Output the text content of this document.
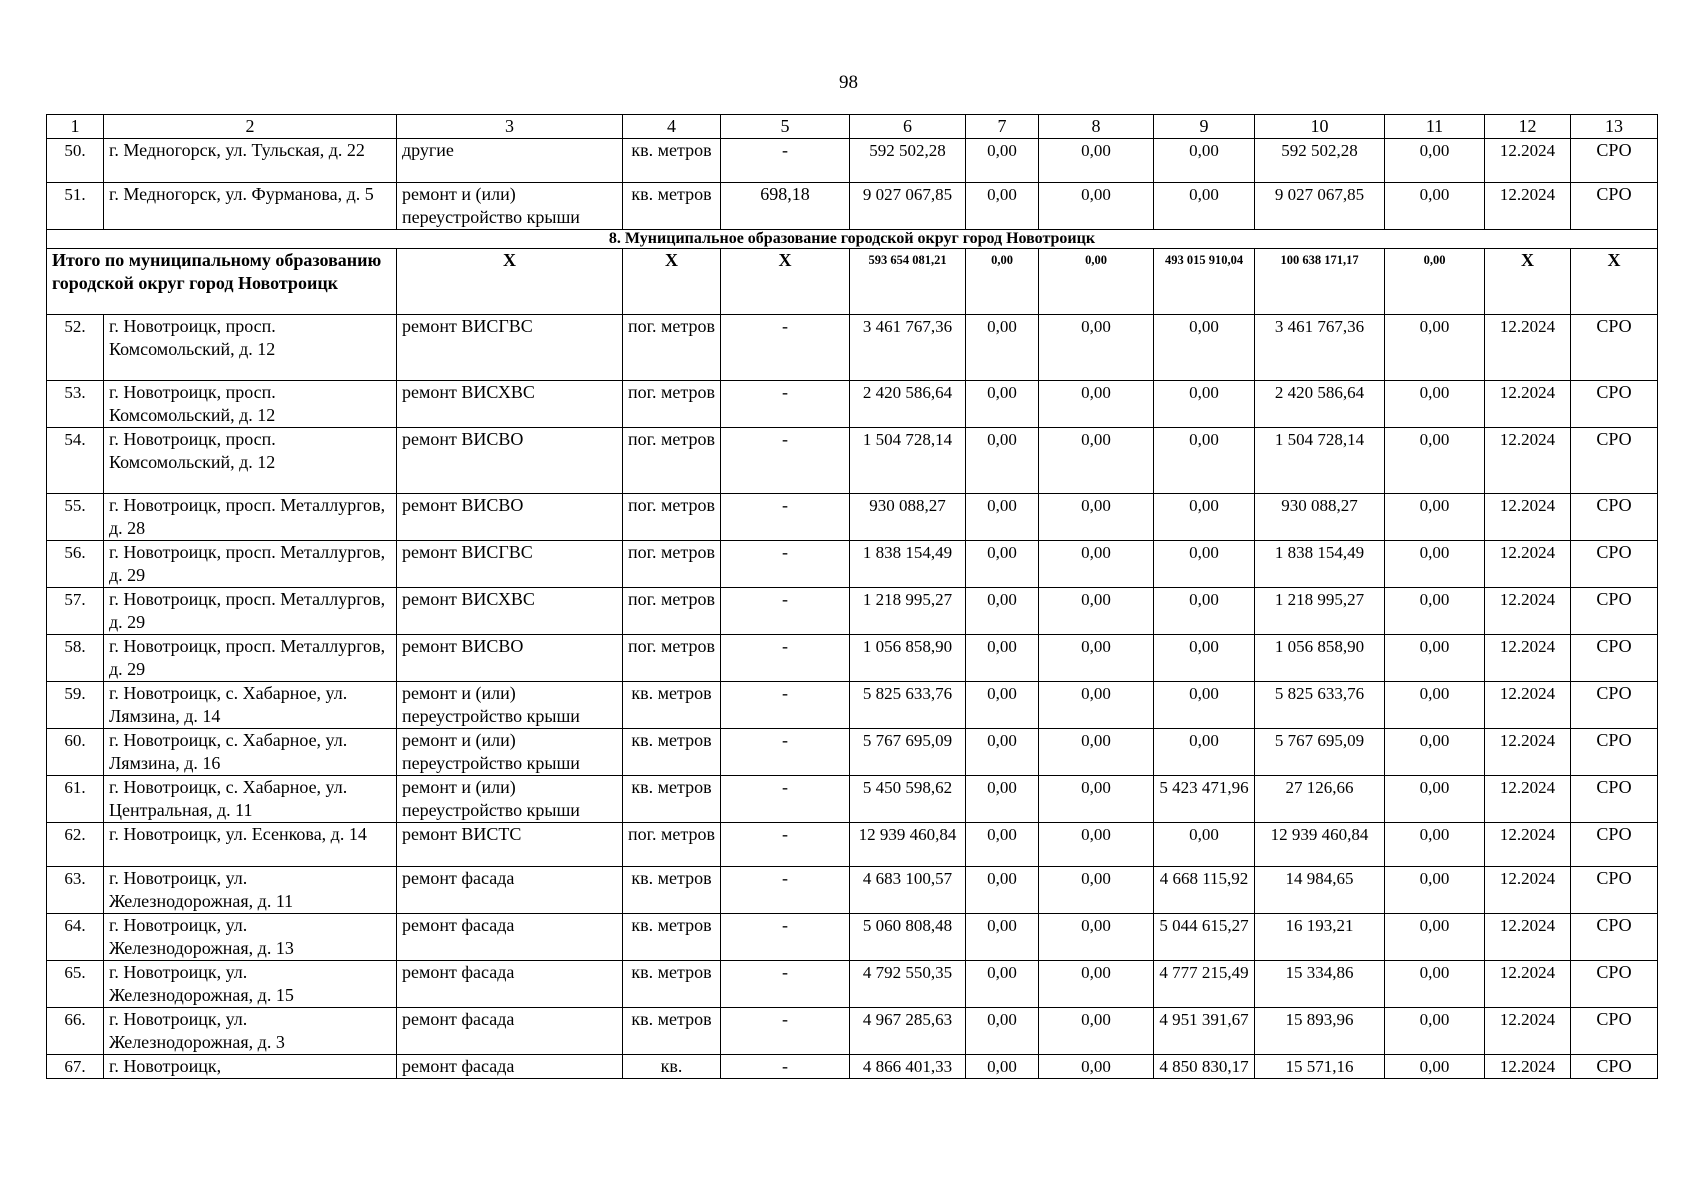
98
1	2	3	4	5	6	7	8	9	10	11	12	13
50.	г. Медногорск, ул. Тульская, д. 22	другие	кв. метров	-	592 502,28	0,00	0,00	0,00	592 502,28	0,00	12.2024	СРО
51.	г. Медногорск, ул. Фурманова, д. 5	ремонт и (или) переустройство крыши	кв. метров	698,18	9 027 067,85	0,00	0,00	0,00	9 027 067,85	0,00	12.2024	СРО
8. Муниципальное образование городской округ город Новотроицк												
Итого по муниципальному образованию городской округ город Новотроицк		X	X	X	593 654 081,21	0,00	0,00	493 015 910,04	100 638 171,17	0,00	X	X
52.	г. Новотроицк, просп. Комсомольский, д. 12	ремонт ВИСГВС	пог. метров	-	3 461 767,36	0,00	0,00	0,00	3 461 767,36	0,00	12.2024	СРО
53.	г. Новотроицк, просп. Комсомольский, д. 12	ремонт ВИСХВС	пог. метров	-	2 420 586,64	0,00	0,00	0,00	2 420 586,64	0,00	12.2024	СРО
54.	г. Новотроицк, просп. Комсомольский, д. 12	ремонт ВИСВО	пог. метров	-	1 504 728,14	0,00	0,00	0,00	1 504 728,14	0,00	12.2024	СРО
55.	г. Новотроицк, просп. Металлургов, д. 28	ремонт ВИСВО	пог. метров	-	930 088,27	0,00	0,00	0,00	930 088,27	0,00	12.2024	СРО
56.	г. Новотроицк, просп. Металлургов, д. 29	ремонт ВИСГВС	пог. метров	-	1 838 154,49	0,00	0,00	0,00	1 838 154,49	0,00	12.2024	СРО
57.	г. Новотроицк, просп. Металлургов, д. 29	ремонт ВИСХВС	пог. метров	-	1 218 995,27	0,00	0,00	0,00	1 218 995,27	0,00	12.2024	СРО
58.	г. Новотроицк, просп. Металлургов, д. 29	ремонт ВИСВО	пог. метров	-	1 056 858,90	0,00	0,00	0,00	1 056 858,90	0,00	12.2024	СРО
59.	г. Новотроицк, с. Хабарное, ул. Лямзина, д. 14	ремонт и (или) переустройство крыши	кв. метров	-	5 825 633,76	0,00	0,00	0,00	5 825 633,76	0,00	12.2024	СРО
60.	г. Новотроицк, с. Хабарное, ул. Лямзина, д. 16	ремонт и (или) переустройство крыши	кв. метров	-	5 767 695,09	0,00	0,00	0,00	5 767 695,09	0,00	12.2024	СРО
61.	г. Новотроицк, с. Хабарное, ул. Центральная, д. 11	ремонт и (или) переустройство крыши	кв. метров	-	5 450 598,62	0,00	0,00	5 423 471,96	27 126,66	0,00	12.2024	СРО
62.	г. Новотроицк, ул. Есенкова, д. 14	ремонт ВИСТС	пог. метров	-	12 939 460,84	0,00	0,00	0,00	12 939 460,84	0,00	12.2024	СРО
63.	г. Новотроицк, ул. Железнодорожная, д. 11	ремонт фасада	кв. метров	-	4 683 100,57	0,00	0,00	4 668 115,92	14 984,65	0,00	12.2024	СРО
64.	г. Новотроицк, ул. Железнодорожная, д. 13	ремонт фасада	кв. метров	-	5 060 808,48	0,00	0,00	5 044 615,27	16 193,21	0,00	12.2024	СРО
65.	г. Новотроицк, ул. Железнодорожная, д. 15	ремонт фасада	кв. метров	-	4 792 550,35	0,00	0,00	4 777 215,49	15 334,86	0,00	12.2024	СРО
66.	г. Новотроицк, ул. Железнодорожная, д. 3	ремонт фасада	кв. метров	-	4 967 285,63	0,00	0,00	4 951 391,67	15 893,96	0,00	12.2024	СРО
67.	г. Новотроицк,	ремонт фасада	кв.	-	4 866 401,33	0,00	0,00	4 850 830,17	15 571,16	0,00	12.2024	СРО
